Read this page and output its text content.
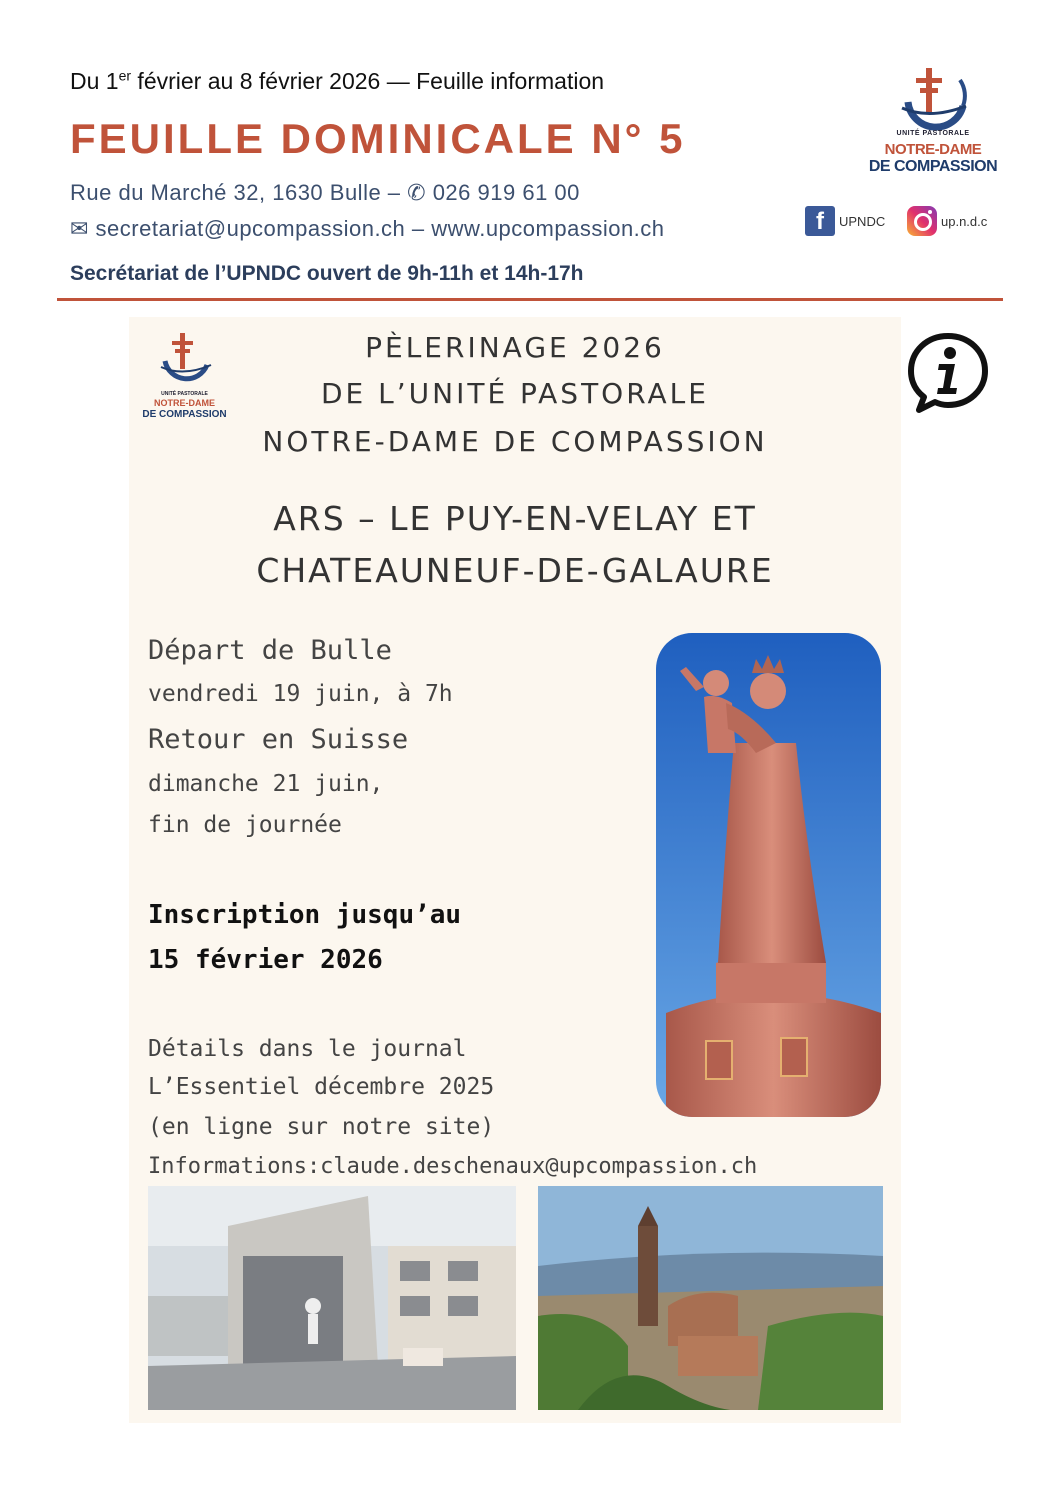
Du 1er février au 8 février 2026 — Feuille information
FEUILLE DOMINICALE N° 5
Rue du Marché 32, 1630 Bulle – ✆ 026 919 61 00
✉ secretariat@upcompassion.ch – www.upcompassion.ch
Secrétariat de l’UPNDC ouvert de 9h-11h et 14h-17h
UNITÉ PASTORALE
NOTRE-DAME
DE COMPASSION
f	UPNDC	up.n.d.c
UNITÉ PASTORALE
NOTRE-DAME
DE COMPASSION
PÈLERINAGE 2026
DE L’UNITÉ PASTORALE
NOTRE-DAME DE COMPASSION
ARS – LE PUY-EN-VELAY ET
CHATEAUNEUF-DE-GALAURE
Départ de Bulle
vendredi 19 juin, à 7h
Retour en Suisse
dimanche 21 juin,
fin de journée
Inscription jusqu’au
15 février 2026
Détails dans le journal
L’Essentiel décembre 2025
(en ligne sur notre site)
Informations:claude.deschenaux@upcompassion.ch
